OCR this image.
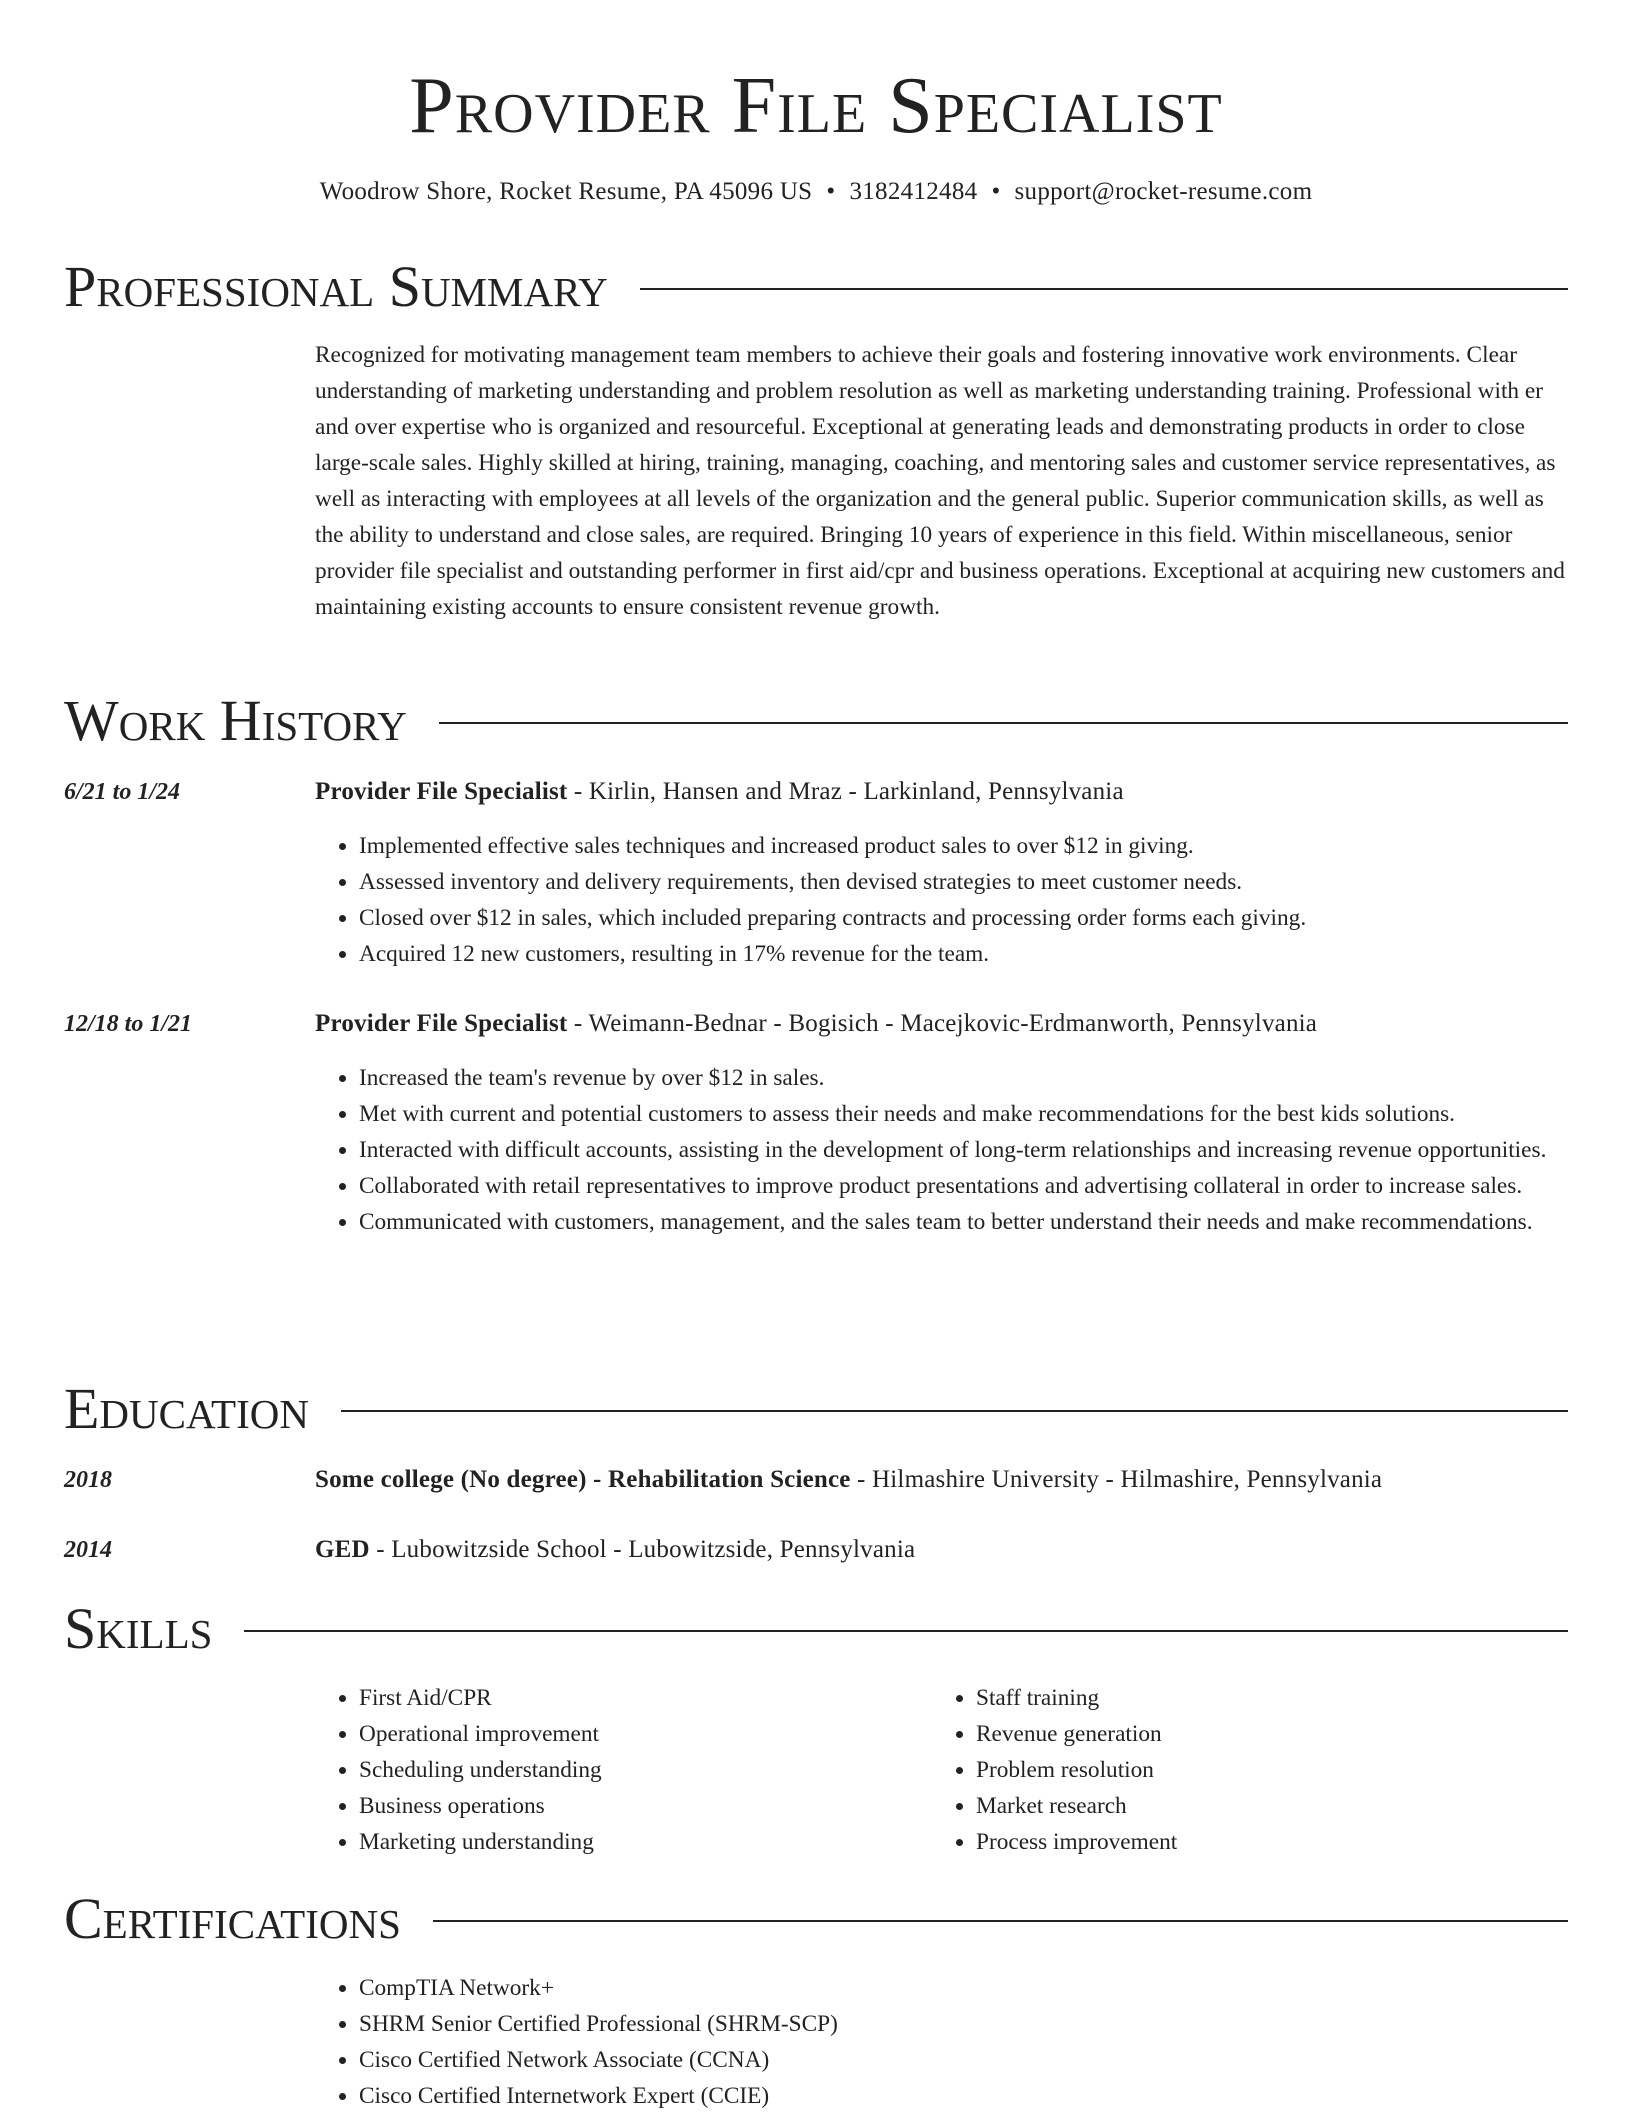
Provider File Specialist
Woodrow Shore, Rocket Resume, PA 45096 US • 3182412484 • support@rocket-resume.com
Professional Summary

Recognized for motivating management team members to achieve their goals and fostering innovative work environments. Clear understanding of marketing understanding and problem resolution as well as marketing understanding training. Professional with er and over expertise who is organized and resourceful. Exceptional at generating leads and demonstrating products in order to close large-scale sales. Highly skilled at hiring, training, managing, coaching, and mentoring sales and customer service representatives, as well as interacting with employees at all levels of the organization and the general public. Superior communication skills, as well as the ability to understand and close sales, are required. Bringing 10 years of experience in this field. Within miscellaneous, senior provider file specialist and outstanding performer in first aid/cpr and business operations. Exceptional at acquiring new customers and maintaining existing accounts to ensure consistent revenue growth.

Work History
6/21 to 1/24	Provider File Specialist - Kirlin, Hansen and Mraz - Larkinland, Pennsylvania
• Implemented effective sales techniques and increased product sales to over $12 in giving.
• Assessed inventory and delivery requirements, then devised strategies to meet customer needs.
• Closed over $12 in sales, which included preparing contracts and processing order forms each giving.
• Acquired 12 new customers, resulting in 17% revenue for the team.
12/18 to 1/21	Provider File Specialist - Weimann-Bednar - Bogisich - Macejkovic-Erdmanworth, Pennsylvania
• Increased the team's revenue by over $12 in sales.
• Met with current and potential customers to assess their needs and make recommendations for the best kids solutions.
• Interacted with difficult accounts, assisting in the development of long-term relationships and increasing revenue opportunities.
• Collaborated with retail representatives to improve product presentations and advertising collateral in order to increase sales.
• Communicated with customers, management, and the sales team to better understand their needs and make recommendations.
Education
2018	Some college (No degree) - Rehabilitation Science - Hilmashire University - Hilmashire, Pennsylvania
2014	GED - Lubowitzside School - Lubowitzside, Pennsylvania
Skills
• First Aid/CPR
• Operational improvement
• Scheduling understanding
• Business operations
• Marketing understanding
• Staff training
• Revenue generation
• Problem resolution
• Market research
• Process improvement
Certifications
• CompTIA Network+
• SHRM Senior Certified Professional (SHRM-SCP)
• Cisco Certified Network Associate (CCNA)
• Cisco Certified Internetwork Expert (CCIE)
